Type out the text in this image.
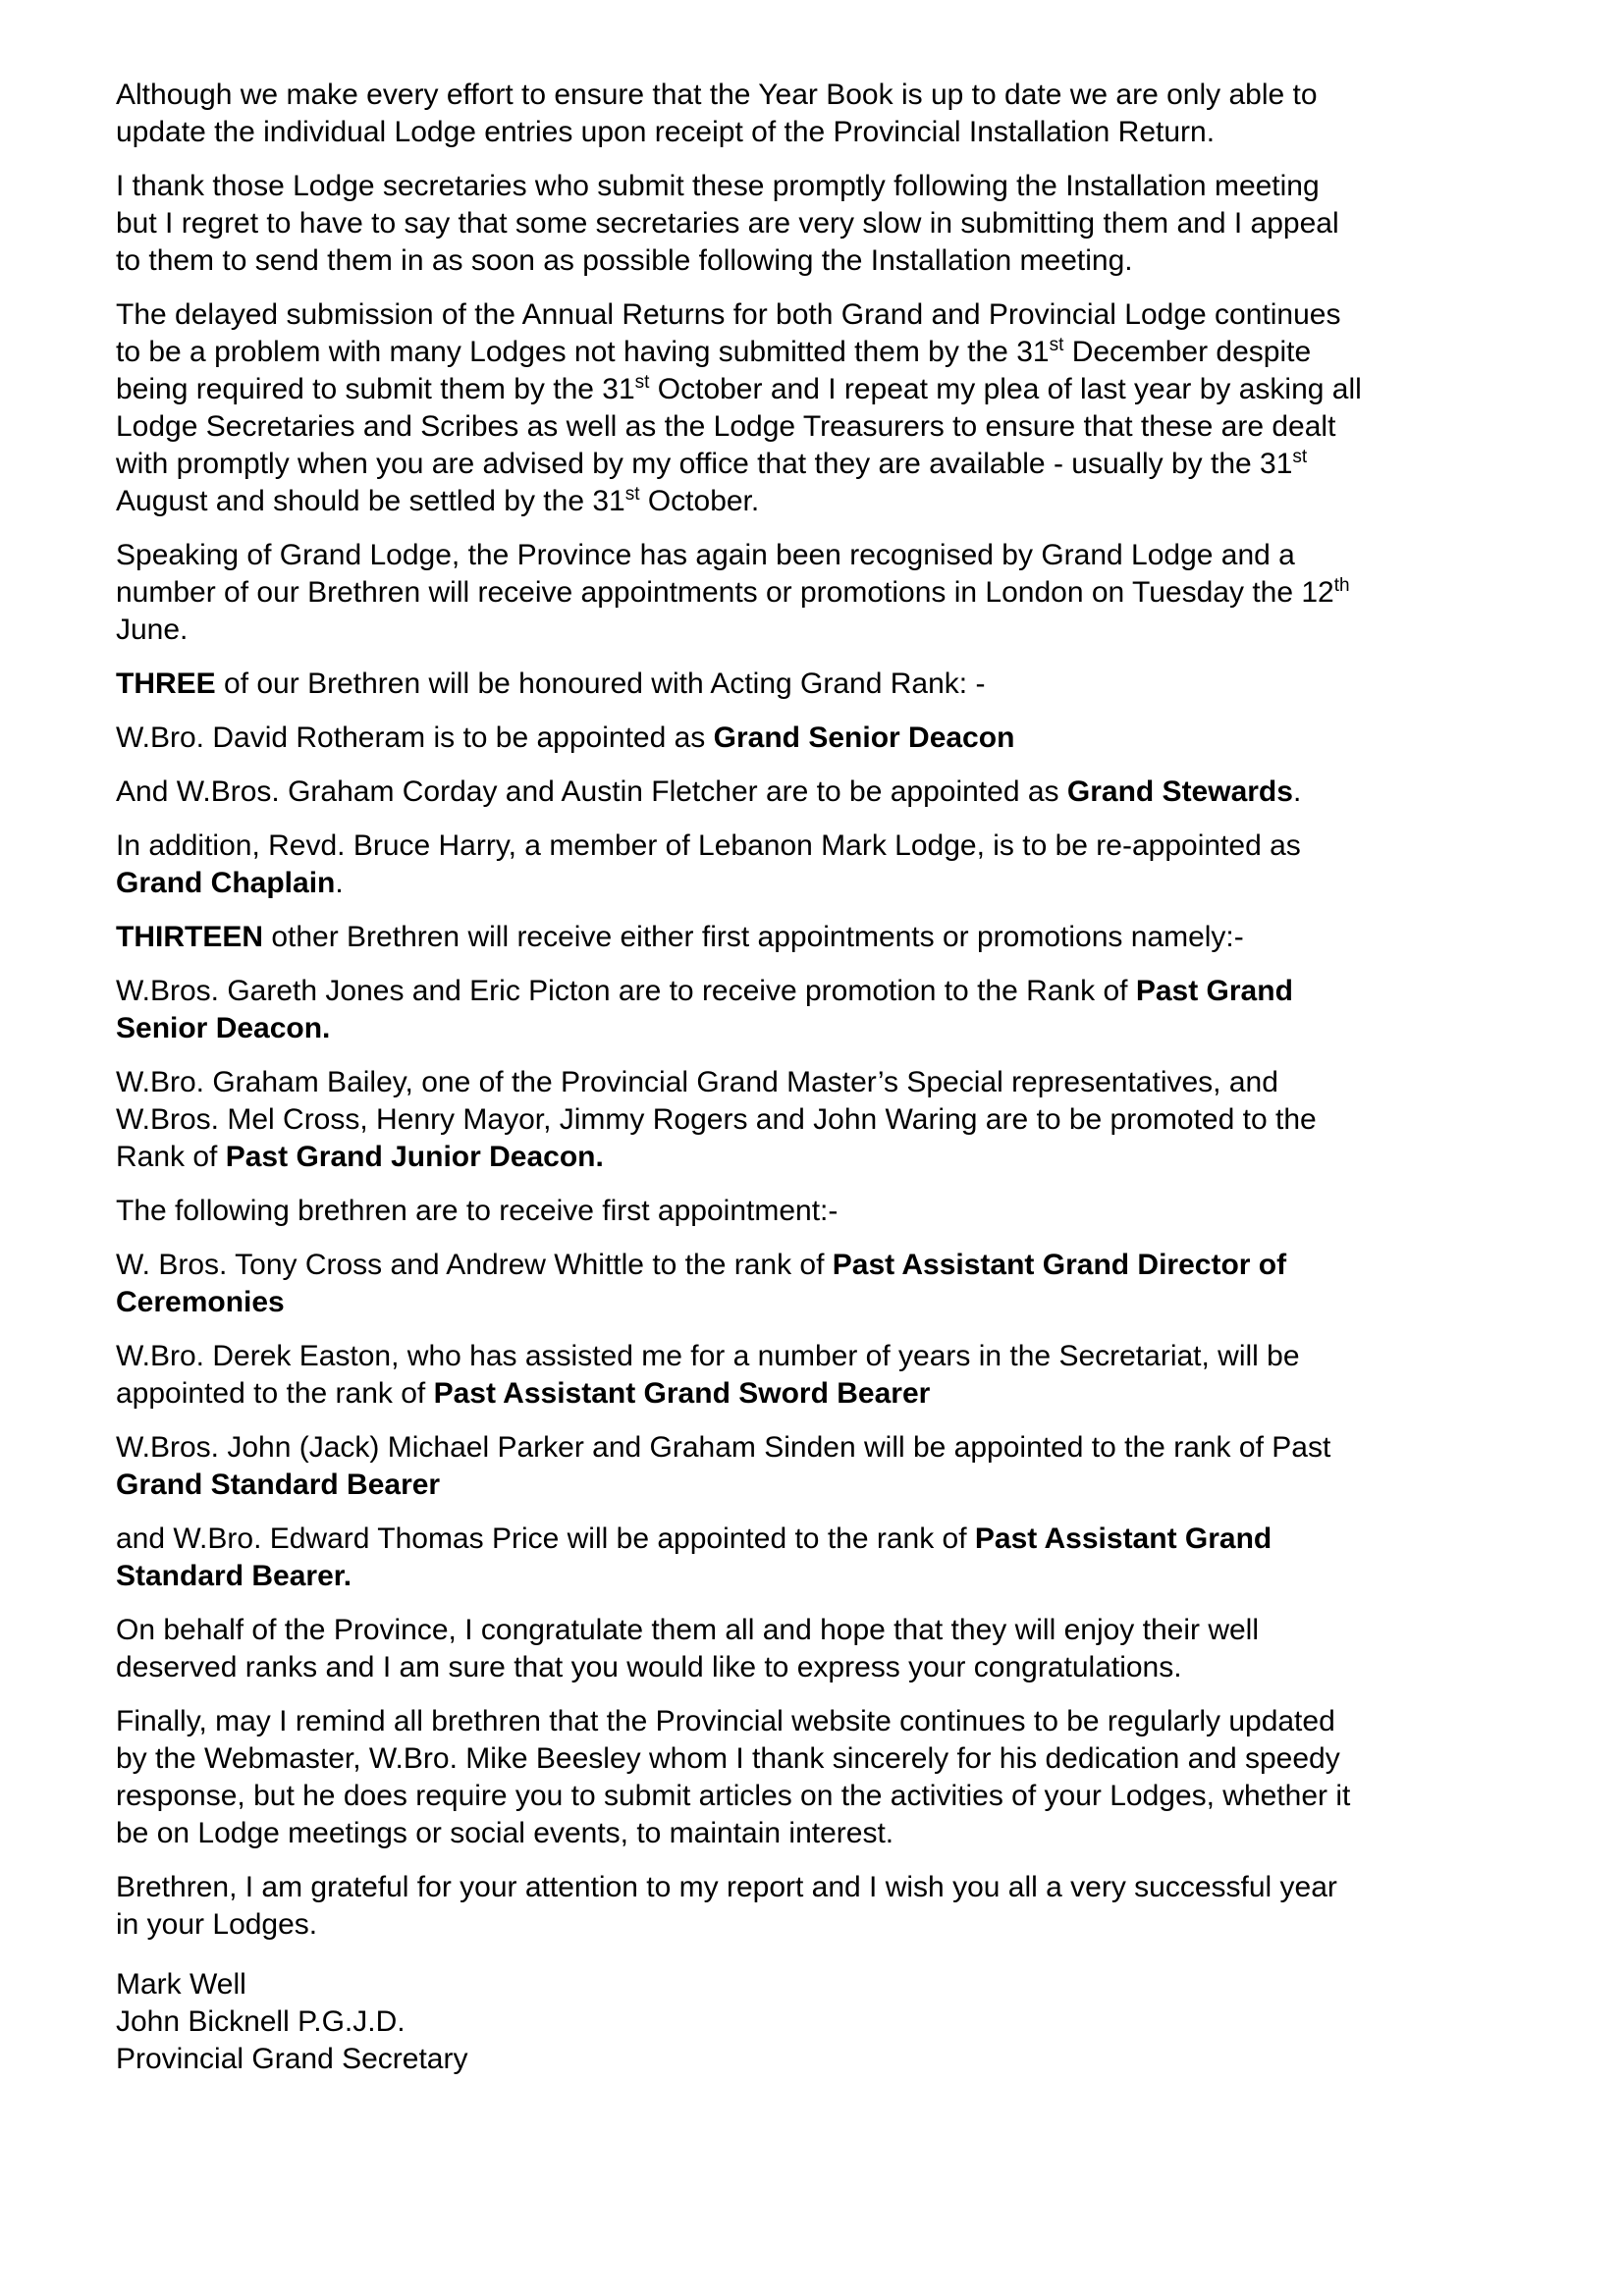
Although we make every effort to ensure that the Year Book is up to date we are only able to
update the individual Lodge entries upon receipt of the Provincial Installation Return.

I thank those Lodge secretaries who submit these promptly following the Installation meeting
but I regret to have to say that some secretaries are very slow in submitting them and I appeal
to them to send them in as soon as possible following the Installation meeting.

The delayed submission of the Annual Returns for both Grand and Provincial Lodge continues
to be a problem with many Lodges not having submitted them by the 31st December despite
being required to submit them by the 31st October and I repeat my plea of last year by asking all
Lodge Secretaries and Scribes as well as the Lodge Treasurers to ensure that these are dealt
with promptly when you are advised by my office that they are available - usually by the 31st
August and should be settled by the 31st October.

Speaking of Grand Lodge, the Province has again been recognised by Grand Lodge and a
number of our Brethren will receive appointments or promotions in London on Tuesday the 12th
June.

THREE of our Brethren will be honoured with Acting Grand Rank: -

W.Bro. David Rotheram is to be appointed as Grand Senior Deacon

And W.Bros. Graham Corday and Austin Fletcher are to be appointed as Grand Stewards.

In addition, Revd. Bruce Harry, a member of Lebanon Mark Lodge, is to be re-appointed as
Grand Chaplain.

THIRTEEN other Brethren will receive either first appointments or promotions namely:-

W.Bros. Gareth Jones and Eric Picton are to receive promotion to the Rank of Past Grand
Senior Deacon.

W.Bro. Graham Bailey, one of the Provincial Grand Master’s Special representatives, and
W.Bros. Mel Cross, Henry Mayor, Jimmy Rogers and John Waring are to be promoted to the
Rank of Past Grand Junior Deacon.

The following brethren are to receive first appointment:-

W. Bros. Tony Cross and Andrew Whittle to the rank of Past Assistant Grand Director of
Ceremonies

W.Bro. Derek Easton, who has assisted me for a number of years in the Secretariat, will be
appointed to the rank of Past Assistant Grand Sword Bearer

W.Bros. John (Jack) Michael Parker and Graham Sinden will be appointed to the rank of Past
Grand Standard Bearer

and W.Bro. Edward Thomas Price will be appointed to the rank of Past Assistant Grand
Standard Bearer.

On behalf of the Province, I congratulate them all and hope that they will enjoy their well
deserved ranks and I am sure that you would like to express your congratulations.

Finally, may I remind all brethren that the Provincial website continues to be regularly updated
by the Webmaster, W.Bro. Mike Beesley whom I thank sincerely for his dedication and speedy
response, but he does require you to submit articles on the activities of your Lodges, whether it
be on Lodge meetings or social events, to maintain interest.

Brethren, I am grateful for your attention to my report and I wish you all a very successful year
in your Lodges.

Mark Well
John Bicknell P.G.J.D.
Provincial Grand Secretary
